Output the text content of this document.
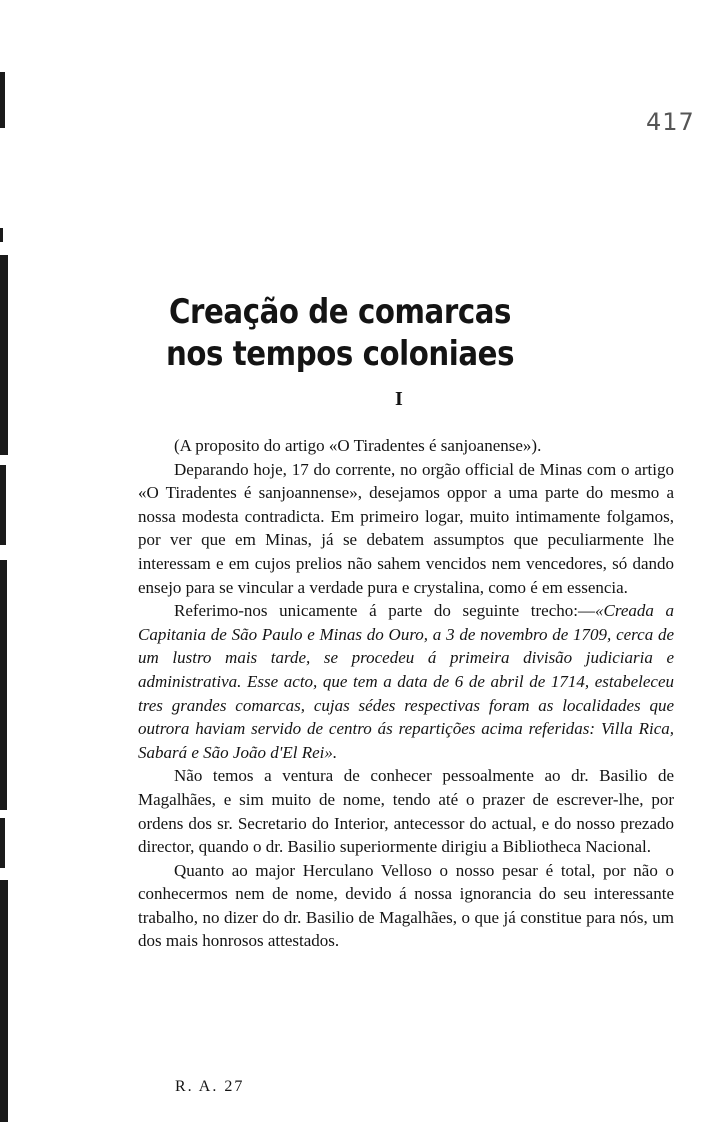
417
Creação de comarcas nos tempos coloniaes
I

(A proposito do artigo «O Tiradentes é sanjoanense»).

Deparando hoje, 17 do corrente, no orgão official de Minas com o artigo «O Tiradentes é sanjoannense», desejamos oppor a uma parte do mesmo a nossa modesta contradicta. Em primeiro logar, muito intimamente folgamos, por ver que em Minas, já se debatem assumptos que peculiarmente lhe interessam e em cujos prelios não sahem vencidos nem vencedores, só dando ensejo para se vincular a verdade pura e crystalina, como é em essencia.

Referimo-nos unicamente á parte do seguinte trecho:—«Creada a Capitania de São Paulo e Minas do Ouro, a 3 de novembro de 1709, cerca de um lustro mais tarde, se procedeu á primeira divisão judiciaria e administrativa. Esse acto, que tem a data de 6 de abril de 1714, estabeleceu tres grandes comarcas, cujas sédes respectivas foram as localidades que outrora haviam servido de centro ás repartições acima referidas: Villa Rica, Sabará e São João d'El Rei».

Não temos a ventura de conhecer pessoalmente ao dr. Basilio de Magalhães, e sim muito de nome, tendo até o prazer de escrever-lhe, por ordens dos sr. Secretario do Interior, antecessor do actual, e do nosso prezado director, quando o dr. Basilio superiormente dirigiu a Bibliotheca Nacional.

Quanto ao major Herculano Velloso o nosso pesar é total, por não o conhecermos nem de nome, devido á nossa ignorancia do seu interessante trabalho, no dizer do dr. Basilio de Magalhães, o que já constitue para nós, um dos mais honrosos attestados.

R. A. 27
